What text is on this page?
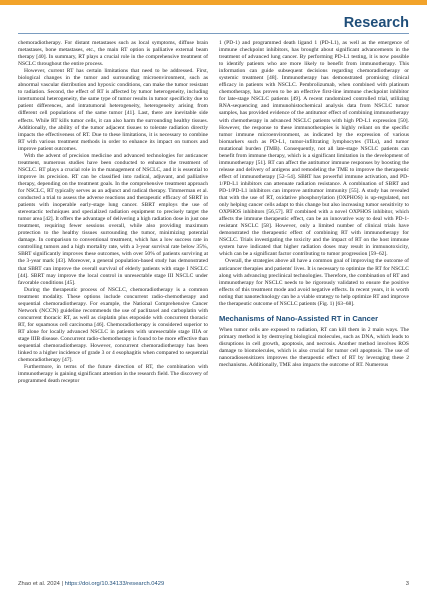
Research

chemoradiotherapy. For distant metastases such as local symptoms, diffuse brain metastases, bone metastases, etc., the main RT option is palliative external beam therapy [40]. In summary, RT plays a crucial role in the comprehensive treatment of NSCLC throughout the entire process.

However, current RT has certain limitations that need to be addressed. First, biological changes in the tumor and surrounding microenvironment, such as abnormal vascular distribution and hypoxic conditions, can make the tumor resistant to radiation. Second, the effect of RT is affected by tumor heterogeneity, including intertumoral heterogeneity, the same type of tumor results in tumor specificity due to patient differences, and intratumoral heterogeneity, heterogeneity arising from different cell populations of the same tumor [41]. Last, there are inevitable side effects. While RT kills tumor cells, it can also harm the surrounding healthy tissues. Additionally, the ability of the tumor adjacent tissues to tolerate radiation directly impacts the effectiveness of RT. Due to these limitations, it is necessary to combine RT with various treatment methods in order to enhance its impact on tumors and improve patient outcomes.

With the advent of precision medicine and advanced technologies for anticancer treatment, numerous studies have been conducted to enhance the treatment of NSCLC. RT plays a crucial role in the management of NSCLC, and it is essential to improve its precision. RT can be classified into radical, adjuvant, and palliative therapy, depending on the treatment goals. In the comprehensive treatment approach for NSCLC, RT typically serves as an adjunct and radical therapy. Timmerman et al. conducted a trial to assess the adverse reactions and therapeutic efficacy of SBRT in patients with inoperable early-stage lung cancer. SBRT employs the use of stereotactic techniques and specialized radiation equipment to precisely target the tumor area [42]. It offers the advantage of delivering a high radiation dose in just one treatment, requiring fewer sessions overall, while also providing maximum protection to the healthy tissues surrounding the tumor, minimizing potential damage. In comparison to conventional treatment, which has a low success rate in controlling tumors and a high mortality rate, with a 3-year survival rate below 35%, SBRT significantly improves these outcomes, with over 50% of patients surviving at the 3-year mark [43]. Moreover, a general population-based study has demonstrated that SBRT can improve the overall survival of elderly patients with stage I NSCLC [44]. SBRT may improve the local control in unresectable stage III NSCLC under favorable conditions [45].

During the therapeutic process of NSCLC, chemoradiotherapy is a common treatment modality. These options include concurrent radio-chemotherapy and sequential chemoradiotherapy. For example, the National Comprehensive Cancer Network (NCCN) guideline recommends the use of paclitaxel and carboplatin with concurrent thoracic RT, as well as cisplatin plus etoposide with concurrent thoracic RT, for squamous cell carcinoma [46]. Chemoradiotherapy is considered superior to RT alone for locally advanced NSCLC in patients with unresectable stage IIIA or stage IIIB disease. Concurrent radio-chemotherapy is found to be more effective than sequential chemoradiotherapy. However, concurrent chemoradiotherapy has been linked to a higher incidence of grade 3 or 4 esophagitis when compared to sequential chemoradiotherapy [47].

Furthermore, in terms of the future direction of RT, the combination with immunotherapy is gaining significant attention in the research field. The discovery of programmed death receptor

1 (PD-1) and programmed death ligand 1 (PD-L1), as well as the emergence of immune checkpoint inhibitors, has brought about significant advancements in the treatment of advanced lung cancer. By performing PD-L1 testing, it is now possible to identify patients who are more likely to benefit from immunotherapy. This information can guide subsequent decisions regarding chemoradiotherapy or systemic treatment [48]. Immunotherapy has demonstrated promising clinical efficacy in patients with NSCLC. Pembrolizumab, when combined with platinum chemotherapy, has proven to be an effective first-line immune checkpoint inhibitor for late-stage NSCLC patients [49]. A recent randomized controlled trial, utilizing RNA-sequencing and immunohistochemical analysis data from NSCLC tumor samples, has provided evidence of the antitumor effect of combining immunotherapy with chemotherapy in advanced NSCLC patients with high PD-L1 expression [50]. However, the response to these immunotherapies is highly reliant on the specific tumor immune microenvironment, as indicated by the expression of various biomarkers such as PD-L1, tumor-infiltrating lymphocytes (TILs), and tumor mutational burden (TMB). Consequently, not all late-stage NSCLC patients can benefit from immune therapy, which is a significant limitation in the development of immunotherapy [51]. RT can affect the antitumor immune responses by boosting the release and delivery of antigens and remodeling the TME to improve the therapeutic effect of immunotherapy [52–54]. SBRT has powerful immune activation, and PD-1/PD-L1 inhibitors can attenuate radiation resistance. A combination of SBRT and PD-1/PD-L1 inhibitors can improve antitumor immunity [55]. A study has revealed that with the use of RT, oxidative phosphorylation (OXPHOS) is up-regulated, not only helping cancer cells adapt to this change but also increasing tumor sensitivity to OXPHOS inhibitors [56,57]. RT combined with a novel OXPHOS inhibitor, which affects the immune therapeutic effect, can be an innovative way to deal with PD-1-resistant NSCLC [58]. However, only a limited number of clinical trials have demonstrated the therapeutic effect of combining RT with immunotherapy for NSCLC. Trials investigating the toxicity and the impact of RT on the host immune system have indicated that higher radiation doses may result in immunotoxicity, which can be a significant factor contributing to tumor progression [59–62].

Overall, the strategies above all have a common goal of improving the outcome of anticancer therapies and patients' lives. It is necessary to optimize the RT for NSCLC along with advancing preclinical technologies. Therefore, the combination of RT and immunotherapy for NSCLC needs to be rigorously validated to ensure the positive effects of this treatment mode and avoid negative effects. In recent years, it is worth noting that nanotechnology can be a viable strategy to help optimize RT and improve the therapeutic outcome of NSCLC patients (Fig. 1) [63–68].

Mechanisms of Nano-Assisted RT in Cancer

When tumor cells are exposed to radiation, RT can kill them in 2 main ways. The primary method is by destroying biological molecules, such as DNA, which leads to disruptions in cell growth, apoptosis, and necrosis. Another method involves ROS damage to biomolecules, which is also crucial for tumor cell apoptosis. The use of nanoradiosensitizers improves the therapeutic effect of RT by leveraging these 2 mechanisms. Additionally, TME also impacts the outcome of RT. Numerous

Zhao et al. 2024 | https://doi.org/10.34133/research.0429	3
